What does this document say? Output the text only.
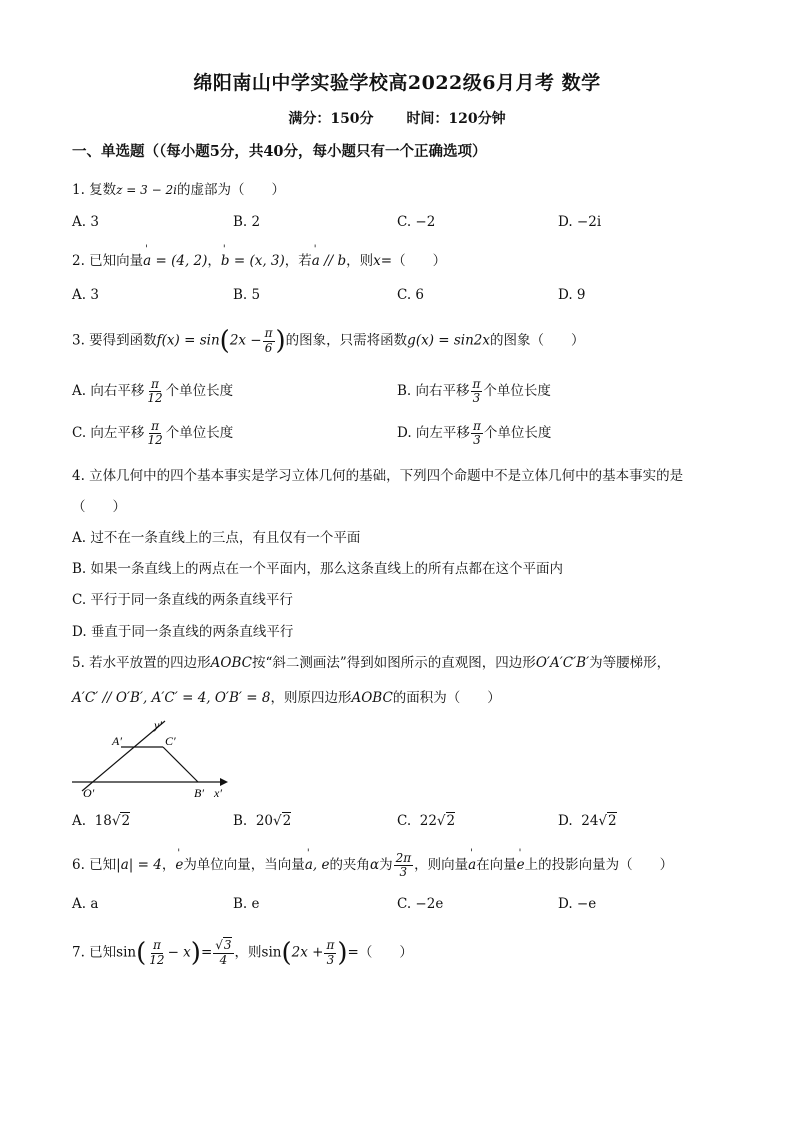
绵阳南山中学实验学校高2022级6月月考 数学
满分：150分 时间：120分钟
一、单选题（（每小题5分，共40分，每小题只有一个正确选项）
1. 复数z = 3 − 2i的虚部为（　　）
A. 3	B. 2	C. −2	D. −2i
2. 已知向量' a = (4, 2)，' b = (x, 3)，若' a // b，则x=（　　）
A. 3	B. 5	C. 6	D. 9
3. 要得到函数$f(x) = \sin(2x - \frac{\pi}{6}$ )的图象，只需将函数g(x) = sin2x的图象（　　）
A. 向右平移 $\frac{\pi}{12}$ 个单位长度	B. 向右平移 $\frac{\pi}{3}$ 个单位长度
C. 向左平移 $\frac{\pi}{12}$ 个单位长度	D. 向左平移 $\frac{\pi}{3}$ 个单位长度
4. 立体几何中的四个基本事实是学习立体几何的基础，下列四个命题中不是立体几何中的基本事实的是
（　　）
A. 过不在一条直线上的三点，有且仅有一个平面
B. 如果一条直线上的两点在一个平面内，那么这条直线上的所有点都在这个平面内
C. 平行于同一条直线的两条直线平行
D. 垂直于同一条直线的两条直线平行
5. 若水平放置的四边形AOBC按“斜二测画法”得到如图所示的直观图，四边形O′A′C′B′为等腰梯形，
A′C′ // O′B′, A′C′ = 4, O′B′ = 8，则原四边形AOBC的面积为（　　）
A′	C′
y′
O′	B′ x′
A. 18√2	B. 20√2	C. 22√2	D. 24√2
6. 已知|a| = 4，' e为单位向量，当向量' a, e的夹角α为 $\frac{2\pi}{3}$ ，则向量' a在向量' e上的投影向量为（　　）
A. a	B. e	C. −2e	D. −e
7. 已知$\sin( \frac{\pi}{12} - x)= \frac{√3}{4}$ ，则$\sin(2x + \frac{\pi}{3}$ )=（　　）
